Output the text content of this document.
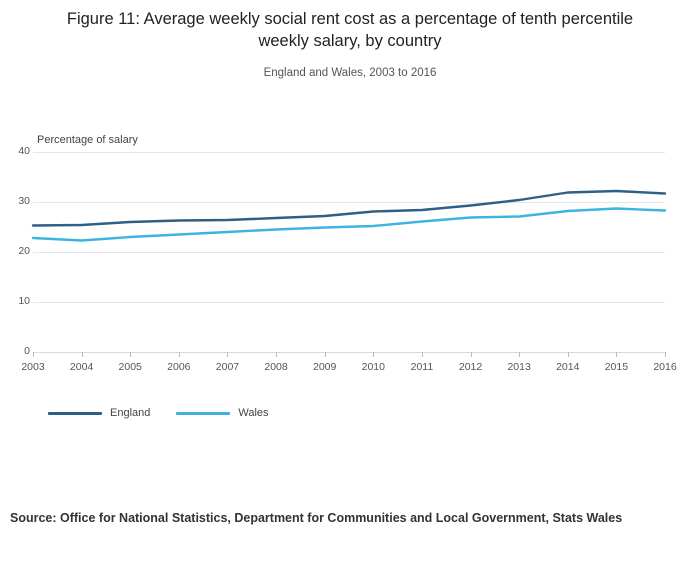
Figure 11: Average weekly social rent cost as a percentage of tenth percentile weekly salary, by country
England and Wales, 2003 to 2016
Percentage of salary
0
10
20
30
40
2003 2004 2005 2006 2007 2008 2009 2010 2011 2012 2013 2014 2015 2016
England	Wales
Source: Office for National Statistics, Department for Communities and Local Government, Stats Wales
